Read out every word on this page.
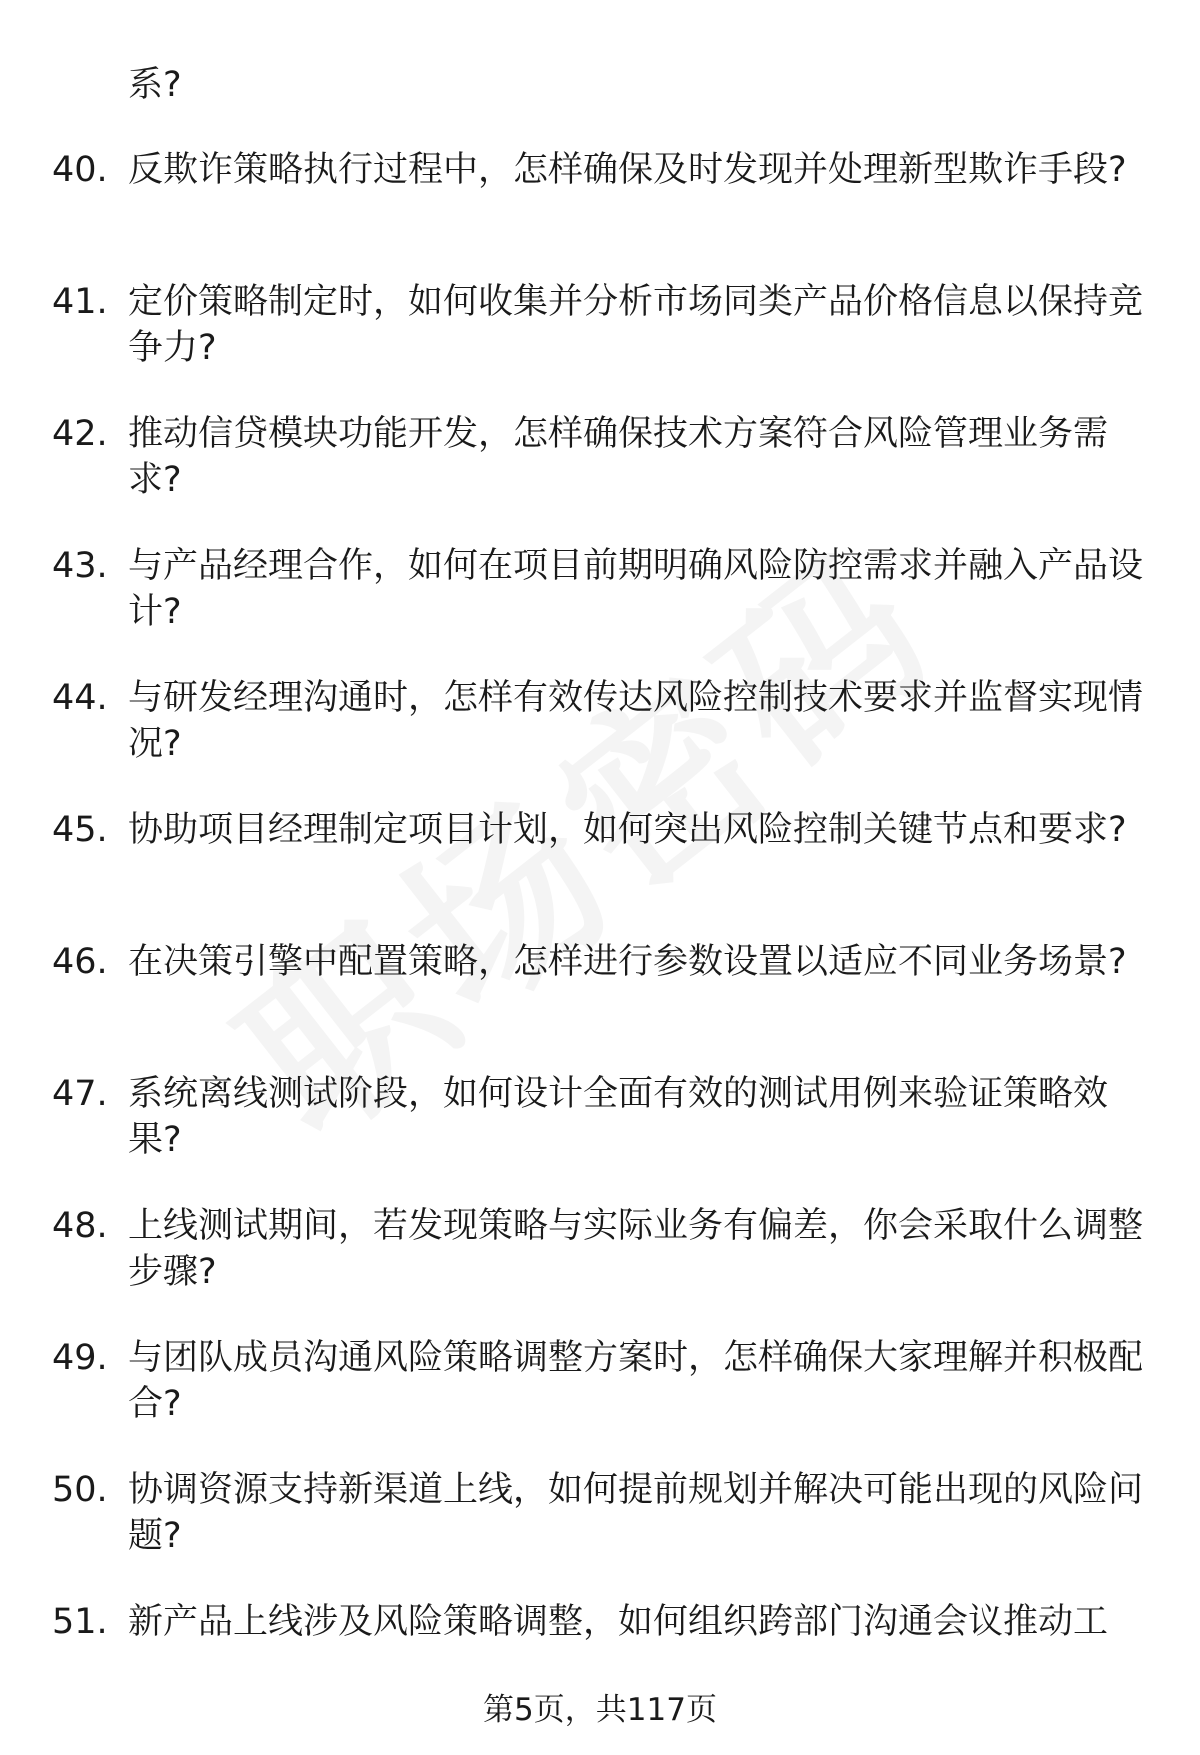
系?

40. 反欺诈策略执行过程中，怎样确保及时发现并处理新型欺诈手段?
41. 定价策略制定时，如何收集并分析市场同类产品价格信息以保持竞争力?
42. 推动信贷模块功能开发，怎样确保技术方案符合风险管理业务需求?
43. 与产品经理合作，如何在项目前期明确风险防控需求并融入产品设计?
44. 与研发经理沟通时，怎样有效传达风险控制技术要求并监督实现情况?
45. 协助项目经理制定项目计划，如何突出风险控制关键节点和要求?
46. 在决策引擎中配置策略，怎样进行参数设置以适应不同业务场景?
47. 系统离线测试阶段，如何设计全面有效的测试用例来验证策略效果?
48. 上线测试期间，若发现策略与实际业务有偏差，你会采取什么调整步骤?
49. 与团队成员沟通风险策略调整方案时，怎样确保大家理解并积极配合?
50. 协调资源支持新渠道上线，如何提前规划并解决可能出现的风险问题?
51. 新产品上线涉及风险策略调整，如何组织跨部门沟通会议推动工
第5页，共117页
